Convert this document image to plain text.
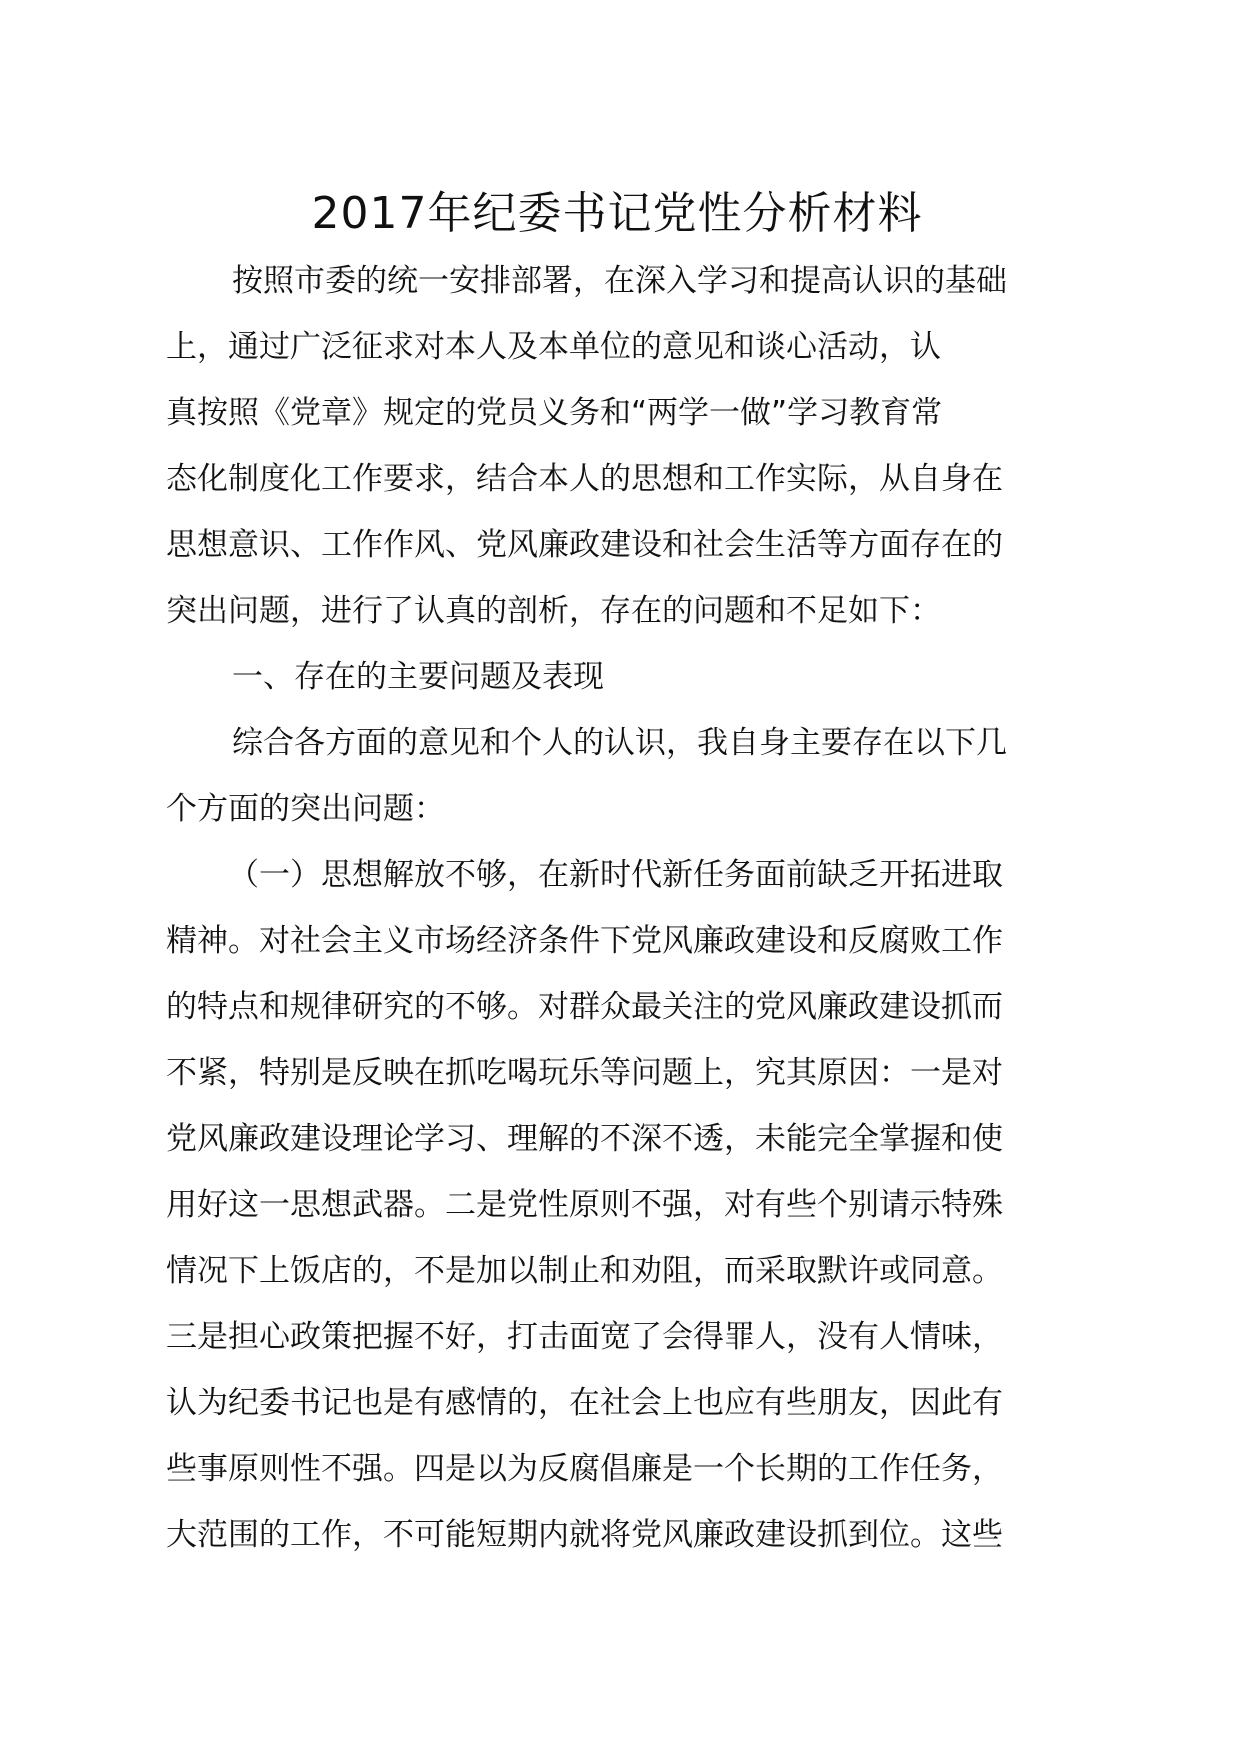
2017年纪委书记党性分析材料
按照市委的统一安排部署，在深入学习和提高认识的基础
上，通过广泛征求对本人及本单位的意见和谈心活动，认
真按照《党章》规定的党员义务和“两学一做”学习教育常
态化制度化工作要求，结合本人的思想和工作实际，从自身在
思想意识、工作作风、党风廉政建设和社会生活等方面存在的
突出问题，进行了认真的剖析，存在的问题和不足如下：
一、存在的主要问题及表现
综合各方面的意见和个人的认识，我自身主要存在以下几
个方面的突出问题：
（一）思想解放不够，在新时代新任务面前缺乏开拓进取
精神。对社会主义市场经济条件下党风廉政建设和反腐败工作
的特点和规律研究的不够。对群众最关注的党风廉政建设抓而
不紧，特别是反映在抓吃喝玩乐等问题上，究其原因：一是对
党风廉政建设理论学习、理解的不深不透，未能完全掌握和使
用好这一思想武器。二是党性原则不强，对有些个别请示特殊
情况下上饭店的，不是加以制止和劝阻，而采取默许或同意。
三是担心政策把握不好，打击面宽了会得罪人，没有人情味，
认为纪委书记也是有感情的，在社会上也应有些朋友，因此有
些事原则性不强。四是以为反腐倡廉是一个长期的工作任务，
大范围的工作，不可能短期内就将党风廉政建设抓到位。这些
